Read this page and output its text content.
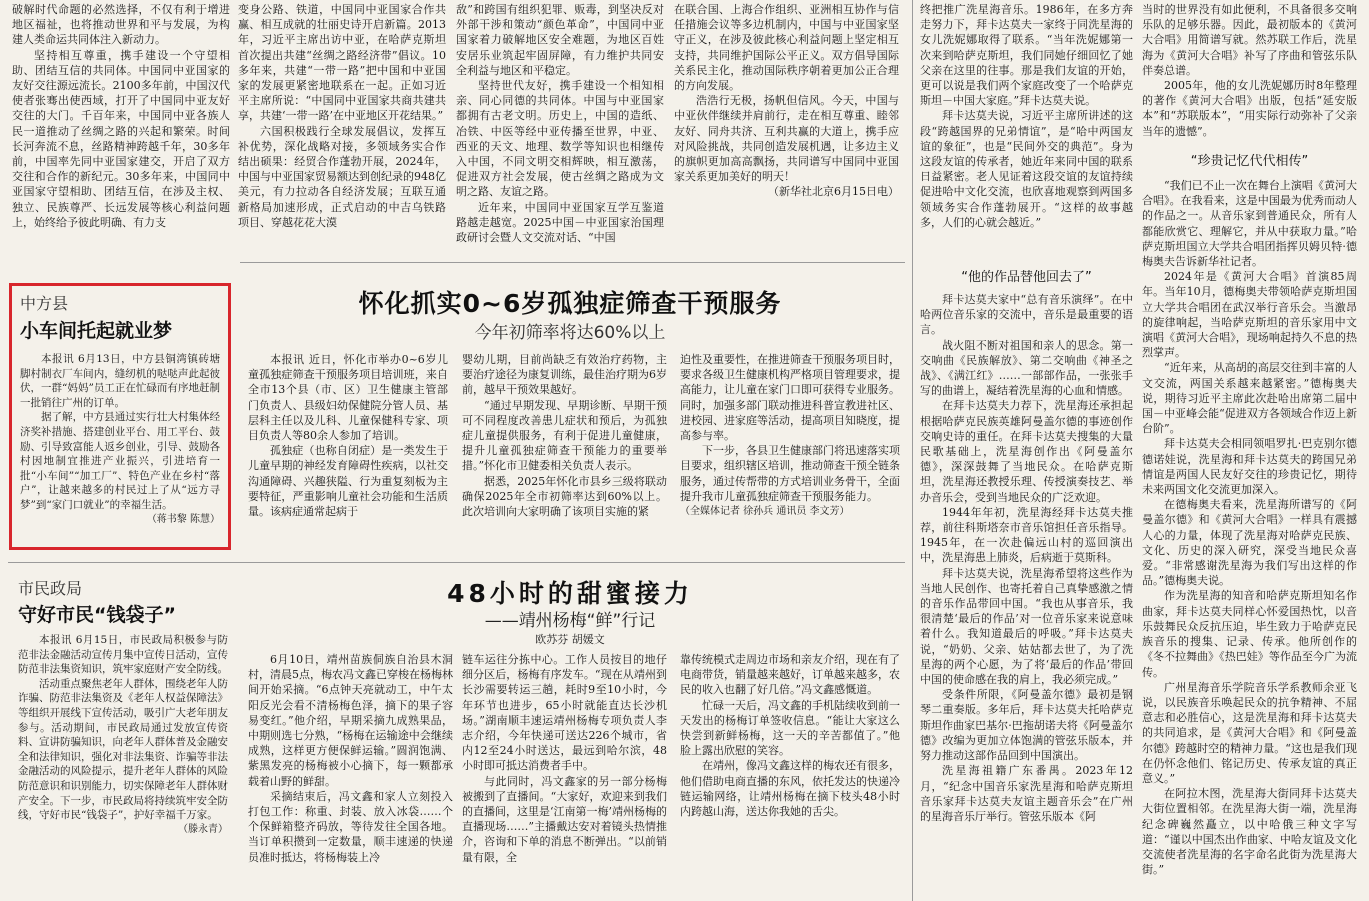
破解时代命题的必然选择，不仅有利于增进地区福祉，也将推动世界和平与发展，为构建人类命运共同体注入新动力。

坚持相互尊重，携手建设一个守望相助、团结互信的共同体。中国同中亚国家的友好交往源远流长。2100多年前，中国汉代使者张骞出使西域，打开了中国同中亚友好交往的大门。千百年来，中国同中亚各族人民一道推动了丝绸之路的兴起和繁荣。时间长河奔流不息，丝路精神跨越千年，30多年前，中国率先同中亚国家建交，开启了双方交往和合作的新纪元。30多年来，中国同中亚国家守望相助、团结互信，在涉及主权、独立、民族尊严、长远发展等核心利益问题上，始终给予彼此明确、有力支

变身公路、铁道，中国同中亚国家合作共赢、相互成就的壮丽史诗开启新篇。2013年，习近平主席出访中亚，在哈萨克斯坦首次提出共建“丝绸之路经济带”倡议。10多年来，共建“一带一路”把中国和中亚国家的发展更紧密地联系在一起。正如习近平主席所说：“中国同中亚国家共商共建共享，共建‘一带一路’在中亚地区开花结果。”

六国积极践行全球发展倡议，发挥互补优势，深化战略对接，多领域务实合作结出硕果：经贸合作蓬勃开展，2024年，中国与中亚国家贸易额达到创纪录的948亿美元，有力拉动各自经济发展；互联互通新格局加速形成，正式启动的中吉乌铁路项目、穿越花花大漠

敌”和跨国有组织犯罪、贩毒，到坚决反对外部干涉和策动“颜色革命”，中国同中亚国家着力破解地区安全难题，为地区百姓安居乐业筑起牢固屏障，有力维护共同安全利益与地区和平稳定。

坚持世代友好，携手建设一个相知相亲、同心同德的共同体。中国与中亚国家都拥有古老文明。历史上，中国的造纸、冶铁、中医等经中亚传播至世界，中亚、西亚的天文、地理、数学等知识也相继传入中国，不同文明交相辉映，相互激荡，促进双方社会发展，使古丝绸之路成为文明之路、友谊之路。

近年来，中国同中亚国家互学互鉴道路越走越宽。2025中国－中亚国家治国理政研讨会暨人文交流对话、“中国

在联合国、上海合作组织、亚洲相互协作与信任措施会议等多边机制内，中国与中亚国家坚守正义，在涉及彼此核心利益问题上坚定相互支持，共同维护国际公平正义。双方倡导国际关系民主化，推动国际秩序朝着更加公正合理的方向发展。

浩浩行无极，扬帆但信风。今天，中国与中亚伙伴继续并肩前行，走在相互尊重、睦邻友好、同舟共济、互利共赢的大道上，携手应对风险挑战，共同创造发展机遇，让多边主义的旗帜更加高高飘扬，共同谱写中国同中亚国家关系更加美好的明天！

（新华社北京6月15日电）

终把推广洗星海音乐。1986年，在多方奔走努力下，拜卡达莫夫一家终于同洗星海的女儿洗妮娜取得了联系。“当年洗妮娜第一次来到哈萨克斯坦，我们同她仔细回忆了她父亲在这里的往事。那是我们友谊的开始，更可以说是我们两个家庭改变了一个哈萨克斯坦－中国大家庭。”拜卡达莫夫说。

拜卡达莫夫说，习近平主席所讲述的这段“跨越国界的兄弟情谊”，是“哈中两国友谊的象征”，也是“民间外交的典范”。身为这段友谊的传承者，她近年来同中国的联系日益紧密。老人见证着这段交谊的友谊持续促进哈中文化交流，也欣喜地观察到两国多领域务实合作蓬勃展开。“这样的故事越多，人们的心就会越近。”

“他的作品替他回去了”

拜卡达莫夫家中“总有音乐演绎”。在中哈两位音乐家的交流中，音乐是最重要的语言。

战火阻不断对祖国和亲人的思念。第一交响曲《民族解放》、第二交响曲《神圣之战》、《满江红》……一部部作品，一张张手写的曲谱上，凝结着洗星海的心血和情感。

在拜卡达莫夫力荐下，洗星海还承担起根据哈萨克民族英雄阿曼盖尔德的事迹创作交响史诗的重任。在拜卡达莫夫搜集的大量民歌基础上，洗星海创作出《阿曼盖尔德》，深深鼓舞了当地民众。在哈萨克斯坦，洗星海还教授乐理、传授演奏技艺、举办音乐会，受到当地民众的广泛欢迎。

1944年年初，洗星海经拜卡达莫夫推荐，前往科斯塔奈市音乐馆担任音乐指导。1945年，在一次赴偏远山村的巡回演出中，洗星海患上肺炎，后病逝于莫斯科。

拜卡达莫夫说，洗星海希望将这些作为当地人民创作、也寄托着自己真挚感激之情的音乐作品带回中国。“我也从事音乐，我很清楚‘最后的作品’对一位音乐家来说意味着什么。我知道最后的呼吸。”拜卡达莫夫说，“奶奶、父亲、姑姑都去世了，为了洗星海的两个心愿，为了将‘最后的作品’带回中国的使命感在我的肩上，我必须完成。”

受条件所限，《阿曼盖尔德》最初是钢琴二重奏版。多年后，拜卡达莫夫托哈萨克斯坦作曲家巴基尔·巴拖胡诺夫将《阿曼盖尔德》改编为更加立体饱满的管弦乐版本，并努力推动这部作品回到中国演出。

洗星海祖籍广东番禺。2023年12月，“纪念中国音乐家洗星海和哈萨克斯坦音乐家拜卡达莫夫友谊主题音乐会”在广州的星海音乐厅举行。管弦乐版本《阿

当时的世界没有如此便利，不具备很多交响乐队的足够乐器。因此，最初版本的《黄河大合唱》用简谱写就。然苏联工作后，洗星海为《黄河大合唱》补写了序曲和管弦乐队伴奏总谱。

2005年，他的女儿洗妮娜历时8年整理的著作《黄河大合唱》出版，包括“延安版本”和“苏联版本”，“用实际行动弥补了父亲当年的遗憾”。

“珍贵记忆代代相传”

“我们已不止一次在舞台上演唱《黄河大合唱》。在我看来，这是中国最为优秀而动人的作品之一。从音乐家到普通民众，所有人都能欣赏它、理解它，并从中获取力量。”哈萨克斯坦国立大学共合唱团指挥贝姆贝特·德梅奥夫告诉新华社记者。

2024年是《黄河大合唱》首演85周年。当年10月，德梅奥夫带领哈萨克斯坦国立大学共合唱团在武汉举行音乐会。当激昂的旋律响起，当哈萨克斯坦的音乐家用中文演唱《黄河大合唱》，现场响起持久不息的热烈掌声。

“近年来，从高胡的高层交往到丰富的人文交流，两国关系越来越紧密。”德梅奥夫说，期待习近平主席此次赴哈出席第二届中国－中亚峰会能“促进双方各领域合作迈上新台阶”。

拜卡达莫夫会相同领唱罗扎·巴克别尔德德诺娃说，洗星海和拜卡达莫夫的跨国兄弟情谊是两国人民友好交往的珍贵记忆，期待未来两国文化交流更加深入。

在德梅奥夫看来，洗星海所谱写的《阿曼盖尔德》和《黄河大合唱》一样具有震撼人心的力量，体现了洗星海对哈萨克民族、文化、历史的深入研究，深受当地民众喜爱。“非常感谢洗星海为我们写出这样的作品。”德梅奥夫说。

作为洗星海的知音和哈萨克斯坦知名作曲家，拜卡达莫夫同样心怀爱国热忱，以音乐鼓舞民众反抗压迫，毕生致力于哈萨克民族音乐的搜集、记录、传承。他所创作的《冬不拉舞曲》《热巴娃》等作品至今广为流传。

广州星海音乐学院音乐学系教师余亚飞说，以民族音乐唤起民众的抗争精神、不屈意志和必胜信心，这是洗星海和拜卡达莫夫的共同追求，是《黄河大合唱》和《阿曼盖尔德》跨越时空的精神力量。“这也是我们现在仍怀念他们、铭记历史、传承友谊的真正意义。”

在阿拉木图，洗星海大街同拜卡达莫夫大街位置相邻。在洗星海大街一端，洗星海纪念碑巍然矗立，以中哈俄三种文字写道：“谨以中国杰出作曲家、中哈友谊及文化交流使者洗星海的名字命名此街为洗星海大街。”

中方县
小车间托起就业梦

本报讯 6月13日，中方县铜湾镇砖塘脚村制衣厂车间内，缝纫机的哒哒声此起彼伏，一群“妈妈”员工正在忙碌而有序地赶制一批销往广州的订单。

据了解，中方县通过实行壮大村集体经济奖补措施、搭建创业平台、用工平台、鼓励、引导致富能人返乡创业，引导、鼓励各村因地制宜推进产业振兴，引进培育一批“小车间”“加工厂”、特色产业在乡村“落户”，让越来越多的村民过上了从“远方寻梦”到“家门口就业”的幸福生活。

（蒋书黎 陈慧）

怀化抓实0~6岁孤独症筛查干预服务
今年初筛率将达60%以上

本报讯 近日，怀化市举办0~6岁儿童孤独症筛查干预服务项目培训班，来自全市13个县（市、区）卫生健康主管部门负责人、县级妇幼保健院分管人员、基层科主任以及儿科、儿童保健科专家、项目负责人等80余人参加了培训。

孤独症（也称自闭症）是一类发生于儿童早期的神经发育障碍性疾病，以社交沟通障碍、兴趣狭隘、行为重复刻板为主要特征，严重影响儿童社会功能和生活质量。该病症通常起病于

婴幼儿期，目前尚缺乏有效治疗药物，主要治疗途径为康复训练，最佳治疗期为6岁前，越早干预效果越好。

“通过早期发现、早期诊断、早期干预可不同程度改善患儿症状和预后，为孤独症儿童提供服务，有利于促进儿童健康，提升儿童孤独症筛查干预能力的重要举措。”怀化市卫健委相关负责人表示。

据悉，2025年怀化市县乡三级将联动确保2025年全市初筛率达到60%以上。此次培训向大家明确了该项目实施的紧

迫性及重要性，在推进筛查干预服务项目时，要求各级卫生健康机构严格项目管理要求，提高能力，让儿童在家门口即可获得专业服务。同时，加强多部门联动推进科普宣教进社区、进校园、进家庭等活动，提高项目知晓度，提高参与率。

下一步，各县卫生健康部门将迅速落实项目要求，组织辖区培训，推动筛查干预全链条服务，通过传帮带的方式培训业务骨干，全面提升我市儿童孤独症筛查干预服务能力。

（全媒体记者 徐孙兵 通讯员 李文芳）

市民政局
守好市民“钱袋子”

本报讯 6月15日，市民政局积极参与防范非法金融活动宣传月集中宣传日活动，宣传防范非法集资知识，筑牢家庭财产安全防线。

活动重点聚焦老年人群体，围绕老年人防诈骗、防范非法集资及《老年人权益保障法》等组织开展线下宣传活动，吸引广大老年朋友参与。活动期间，市民政局通过发放宣传资料、宣讲防骗知识，向老年人群体普及金融安全和法律知识，强化对非法集资、诈骗等非法金融活动的风险提示，提升老年人群体的风险防范意识和识别能力，切实保障老年人群体财产安全。下一步，市民政局将持续筑牢安全防线，守好市民“钱袋子”，护好幸福千万家。

（滕永青）

48小时的甜蜜接力
——靖州杨梅“鲜”行记
欧苏芬 胡媛文

6月10日，靖州苗族侗族自治县木洞村，清晨5点，梅农冯文鑫已穿梭在杨梅林间开始采摘。“6点钟天亮就动工，中午太阳反光会看不清杨梅色泽，摘下的果子容易变红。”他介绍，早期采摘九成熟果品，中期则选七分熟，“杨梅在运输途中会继续成熟，这样更方便保鲜运输。”圆润饱满、紫黑发亮的杨梅被小心摘下，每一颗都承载着山野的鲜甜。

采摘结束后，冯文鑫和家人立刻投入打包工作：称重、封装、放入冰袋……个个保鲜箱整齐码放，等待发往全国各地。当订单积攒到一定数量，顺丰速递的快递员准时抵达，将杨梅装上冷

链车运往分拣中心。工作人员按目的地仔细分区后，杨梅有序发车。“现在从靖州到长沙需要转运三趟，耗时9至10小时，今年环节也进步，65小时就能直达长沙机场。”湖南顺丰速运靖州杨梅专项负责人李志介绍，今年快递可送达226个城市，省内12至24小时送达，最远到哈尔滨，48小时即可抵达消费者手中。

与此同时，冯文鑫家的另一部分杨梅被搬到了直播间。“大家好，欢迎来到我们的直播间，这里是‘江南第一梅’靖州杨梅的直播现场……”主播戴达安对着镜头热情推介，咨询和下单的消息不断弹出。“以前销量有限，全

靠传统模式走周边市场和亲友介绍，现在有了电商带货，销量越来越好，订单越来越多，农民的收入也翻了好几倍。”冯文鑫感慨道。

忙碌一天后，冯文鑫的手机陆续收到前一天发出的杨梅订单签收信息。“能让大家这么快尝到新鲜杨梅，这一天的辛苦都值了。”他脸上露出欣慰的笑容。

在靖州，像冯文鑫这样的梅农还有很多，他们借助电商直播的东风，依托发达的快递冷链运输网络，让靖州杨梅在摘下枝头48小时内跨越山海，送达你我她的舌尖。
